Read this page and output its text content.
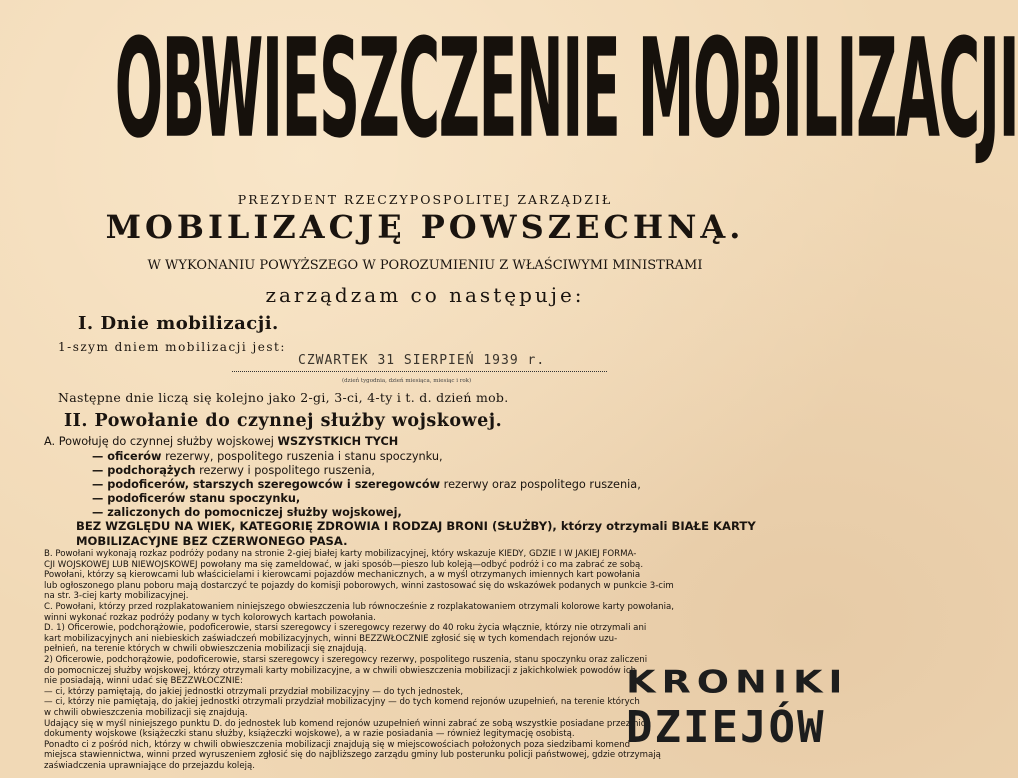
OBWIESZCZENIE MOBILIZACJI
PREZYDENT RZECZYPOSPOLITEJ ZARZĄDZIŁ
MOBILIZACJĘ POWSZECHNĄ.
W WYKONANIU POWYŻSZEGO W POROZUMIENIU Z WŁAŚCIWYMI MINISTRAMI
zarządzam co następuje:
I. Dnie mobilizacji.
1-szym dniem mobilizacji jest:
CZWARTEK 31 SIERPIEŃ 1939 r.
(dzień tygodnia, dzień miesiąca, miesiąc i rok)
Następne dnie liczą się kolejno jako 2-gi, 3-ci, 4-ty i t. d. dzień mob.
II. Powołanie do czynnej służby wojskowej.
A. Powołuję do czynnej służby wojskowej WSZYSTKICH TYCH
— oficerów rezerwy, pospolitego ruszenia i stanu spoczynku,
— podchorążych rezerwy i pospolitego ruszenia,
— podoficerów, starszych szeregowców i szeregowców rezerwy oraz pospolitego ruszenia,
— podoficerów stanu spoczynku,
— zaliczonych do pomocniczej służby wojskowej,
BEZ WZGLĘDU NA WIEK, KATEGORIĘ ZDROWIA I RODZAJ BRONI (SŁUŻBY), którzy otrzymali BIAŁE KARTY MOBILIZACYJNE BEZ CZERWONEGO PASA.
B. Powołani wykonają rozkaz podróży podany na stronie 2-giej białej karty mobilizacyjnej, który wskazuje KIEDY, GDZIE I W JAKIEJ FORMA-
CJI WOJSKOWEJ LUB NIEWOJSKOWEJ powołany ma się zameldować, w jaki sposób—pieszo lub koleją—odbyć podróż i co ma zabrać ze sobą.
Powołani, którzy są kierowcami lub właścicielami i kierowcami pojazdów mechanicznych, a w myśl otrzymanych imiennych kart powołania
lub ogłoszonego planu poboru mają dostarczyć te pojazdy do komisji poborowych, winni zastosować się do wskazówek podanych w punkcie 3-cim
na str. 3-ciej karty mobilizacyjnej.
C. Powołani, którzy przed rozplakatowaniem niniejszego obwieszczenia lub równocześnie z rozplakatowaniem otrzymali kolorowe karty powołania,
winni wykonać rozkaz podróży podany w tych kolorowych kartach powołania.
D. 1) Oficerowie, podchorążowie, podoficerowie, starsi szeregowcy i szeregowcy rezerwy do 40 roku życia włącznie, którzy nie otrzymali ani
kart mobilizacyjnych ani niebieskich zaświadczeń mobilizacyjnych, winni BEZZWŁOCZNIE zgłosić się w tych komendach rejonów uzu-
pełnień, na terenie których w chwili obwieszczenia mobilizacji się znajdują.
2) Oficerowie, podchorążowie, podoficerowie, starsi szeregowcy i szeregowcy rezerwy, pospolitego ruszenia, stanu spoczynku oraz zaliczeni
do pomocniczej służby wojskowej, którzy otrzymali karty mobilizacyjne, a w chwili obwieszczenia mobilizacji z jakichkolwiek powodów ich
nie posiadają, winni udać się BEZZWŁOCZNIE:
— ci, którzy pamiętają, do jakiej jednostki otrzymali przydział mobilizacyjny — do tych jednostek,
— ci, którzy nie pamiętają, do jakiej jednostki otrzymali przydział mobilizacyjny — do tych komend rejonów uzupełnień, na terenie których
w chwili obwieszczenia mobilizacji się znajdują.
Udający się w myśl niniejszego punktu D. do jednostek lub komend rejonów uzupełnień winni zabrać ze sobą wszystkie posiadane przez nich
dokumenty wojskowe (książeczki stanu służby, książeczki wojskowe), a w razie posiadania — również legitymację osobistą.
Ponadto ci z pośród nich, którzy w chwili obwieszczenia mobilizacji znajdują się w miejscowościach położonych poza siedzibami komend
miejsca stawiennictwa, winni przed wyruszeniem zgłosić się do najbliższego zarządu gminy lub posterunku policji państwowej, gdzie otrzymają
zaświadczenia uprawniające do przejazdu koleją.
KRONIKI
DZIEJÓW
